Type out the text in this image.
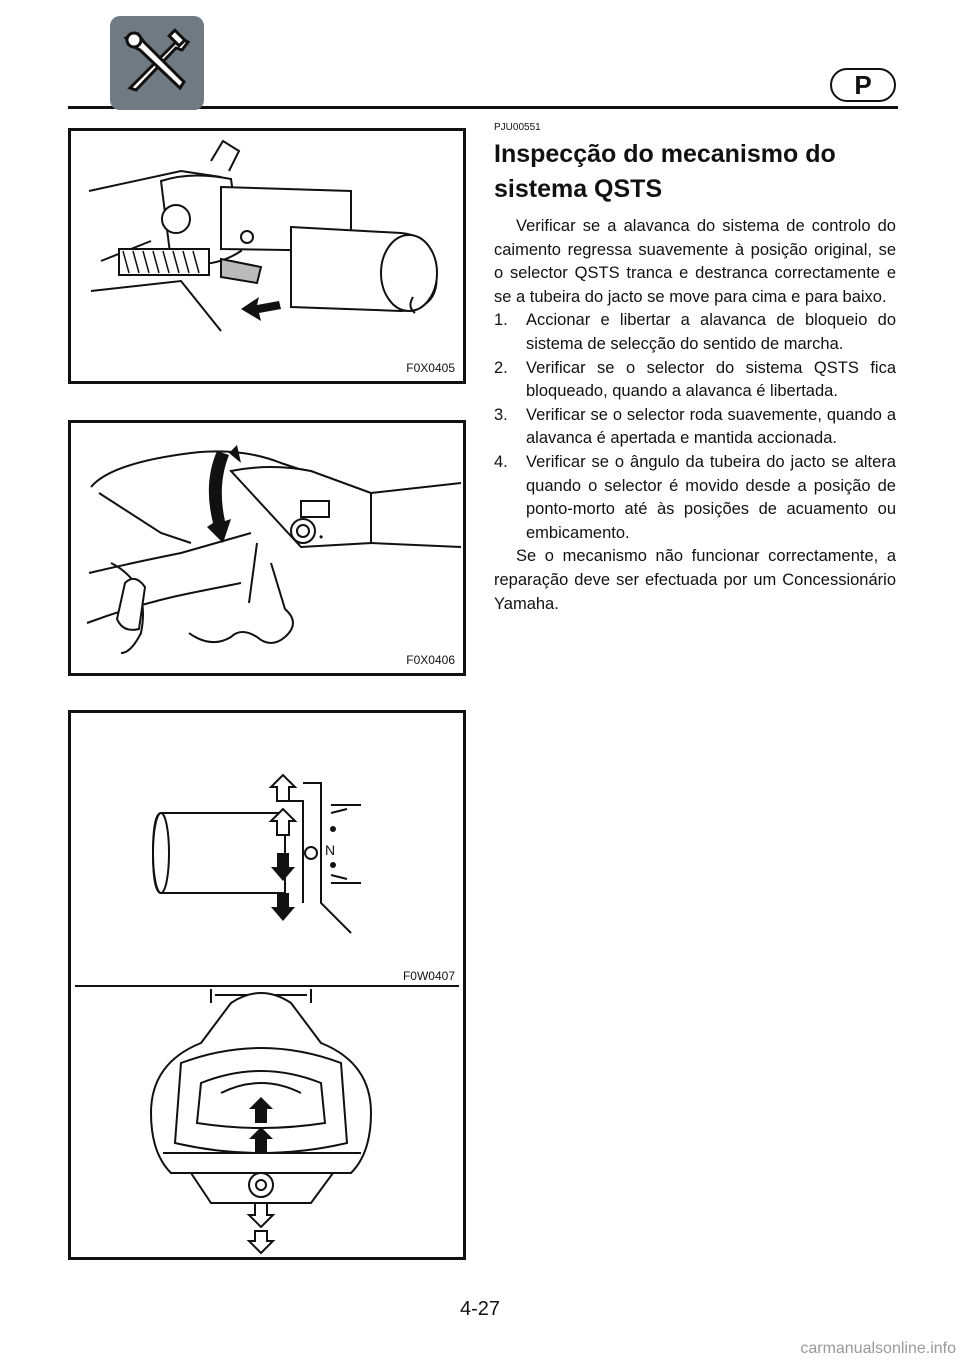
P
F0X0405
•
F0X0406
N
F0W0407

PJU00551

Inspecção do mecanismo do sistema QSTS

Verificar se a alavanca do sistema de controlo do caimento regressa suavemente à posição original, se o selector QSTS tranca e destranca correctamente e se a tubeira do jacto se move para cima e para baixo.

1. Accionar e libertar a alavanca de bloqueio do sistema de selecção do sentido de marcha.
2. Verificar se o selector do sistema QSTS fica bloqueado, quando a alavanca é libertada.
3. Verificar se o selector roda suavemente, quando a alavanca é apertada e mantida accionada.
4. Verificar se o ângulo da tubeira do jacto se altera quando o selector é movido desde a posição de ponto-morto até às posições de acuamento ou embicamento.

Se o mecanismo não funcionar correctamente, a reparação deve ser efectuada por um Concessionário Yamaha.

4-27
carmanualsonline.info
